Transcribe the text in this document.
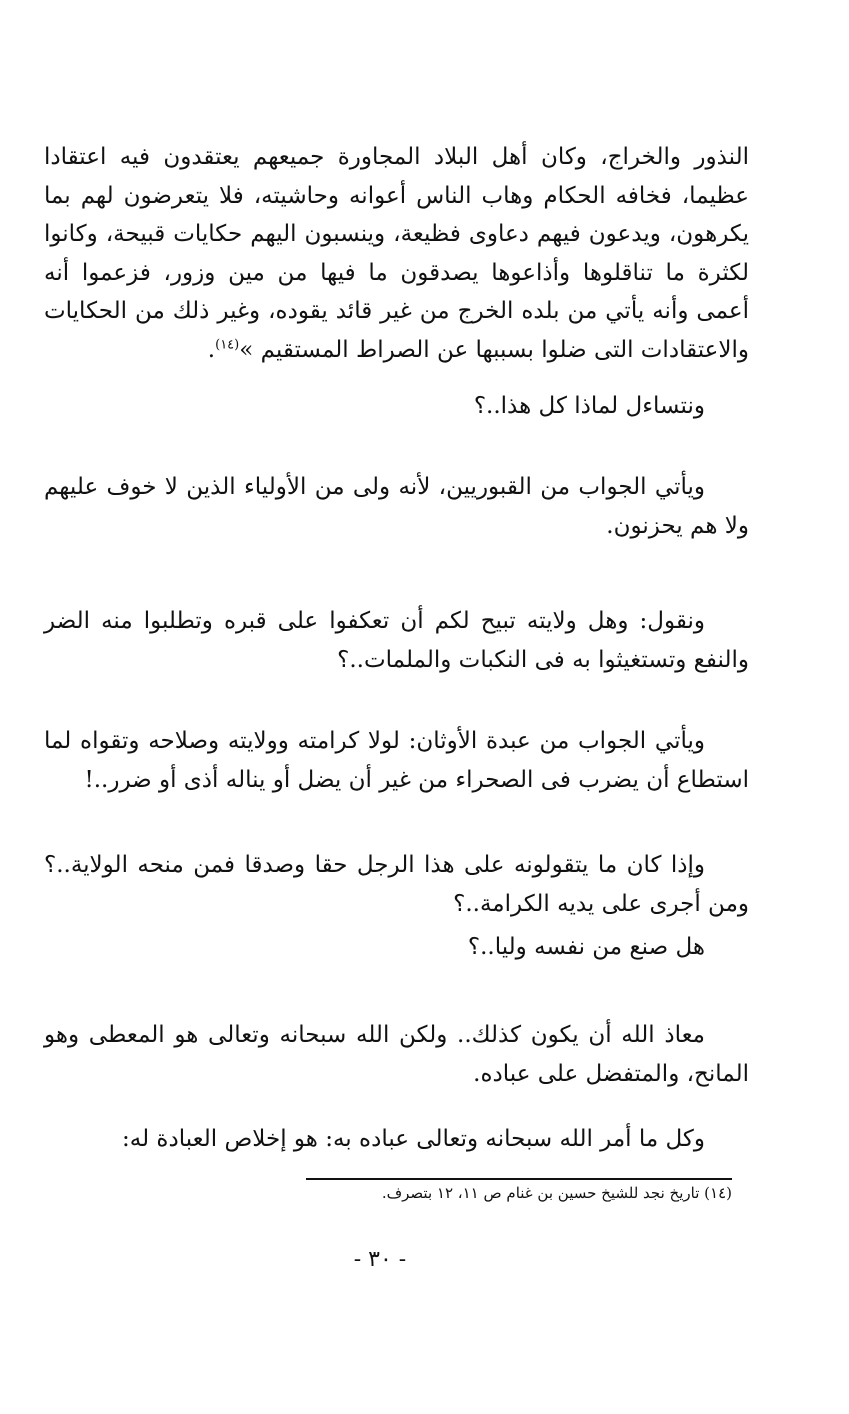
النذور والخراج، وكان أهل البلاد المجاورة جميعهم يعتقدون فيه اعتقادا عظيما، فخافه الحكام وهاب الناس أعوانه وحاشيته، فلا يتعرضون لهم بما يكرهون، ويدعون فيهم دعاوى فظيعة، وينسبون اليهم حكايات قبيحة، وكانوا لكثرة ما تناقلوها وأذاعوها يصدقون ما فيها من مين وزور، فزعموا أنه أعمى وأنه يأتي من بلده الخرج من غير قائد يقوده، وغير ذلك من الحكايات والاعتقادات التى ضلوا بسببها عن الصراط المستقيم »$^{(١٤)}$.

ونتساءل لماذا كل هذا..؟

ويأتي الجواب من القبوريين، لأنه ولى من الأولياء الذين لا خوف عليهم ولا هم يحزنون.

ونقول: وهل ولايته تبيح لكم أن تعكفوا على قبره وتطلبوا منه الضر والنفع وتستغيثوا به فى النكبات والملمات..؟

ويأتي الجواب من عبدة الأوثان: لولا كرامته وولايته وصلاحه وتقواه لما استطاع أن يضرب فى الصحراء من غير أن يضل أو يناله أذى أو ضرر..!

وإذا كان ما يتقولونه على هذا الرجل حقا وصدقا فمن منحه الولاية..؟ ومن أجرى على يديه الكرامة..؟

هل صنع من نفسه وليا..؟

معاذ الله أن يكون كذلك.. ولكن الله سبحانه وتعالى هو المعطى وهو المانح، والمتفضل على عباده.

وكل ما أمر الله سبحانه وتعالى عباده به: هو إخلاص العبادة له:

(١٤) تاريخ نجد للشيخ حسين بن غنام ص ١١، ١٢ بتصرف.

- ٣٠ -
